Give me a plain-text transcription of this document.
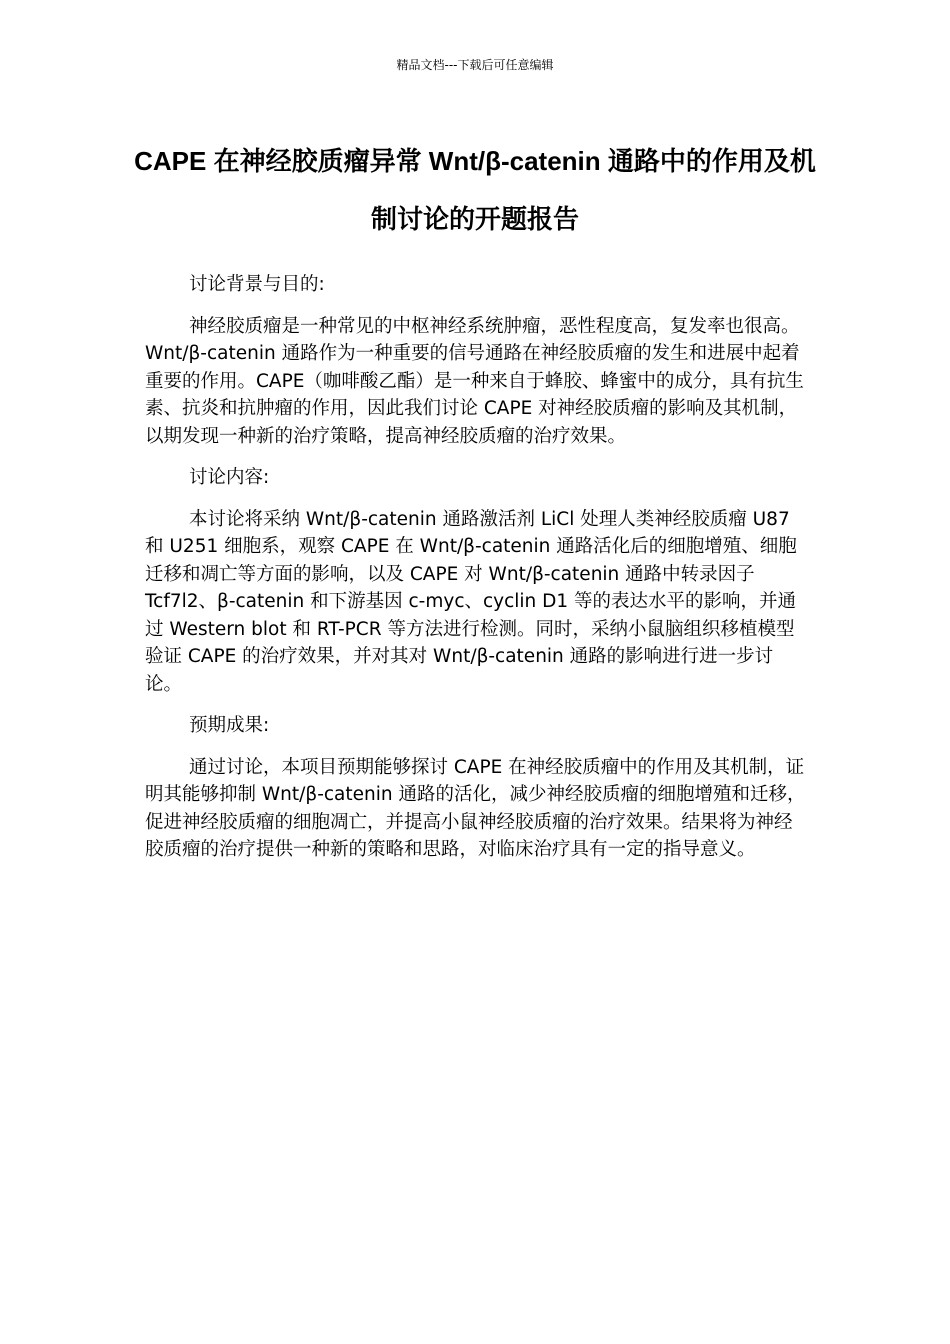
精品文档---下载后可任意编辑
CAPE 在神经胶质瘤异常 Wnt/β-catenin 通路中的作用及机制讨论的开题报告

讨论背景与目的:

神经胶质瘤是一种常见的中枢神经系统肿瘤，恶性程度高，复发率也很高。Wnt/β-catenin 通路作为一种重要的信号通路在神经胶质瘤的发生和进展中起着重要的作用。CAPE（咖啡酸乙酯）是一种来自于蜂胶、蜂蜜中的成分，具有抗生素、抗炎和抗肿瘤的作用，因此我们讨论 CAPE 对神经胶质瘤的影响及其机制，以期发现一种新的治疗策略，提高神经胶质瘤的治疗效果。

讨论内容:

本讨论将采纳 Wnt/β-catenin 通路激活剂 LiCl 处理人类神经胶质瘤 U87 和 U251 细胞系，观察 CAPE 在 Wnt/β-catenin 通路活化后的细胞增殖、细胞迁移和凋亡等方面的影响，以及 CAPE 对 Wnt/β-catenin 通路中转录因子 Tcf7l2、β-catenin 和下游基因 c-myc、cyclin D1 等的表达水平的影响，并通过 Western blot 和 RT-PCR 等方法进行检测。同时，采纳小鼠脑组织移植模型验证 CAPE 的治疗效果，并对其对 Wnt/β-catenin 通路的影响进行进一步讨论。

预期成果:

通过讨论，本项目预期能够探讨 CAPE 在神经胶质瘤中的作用及其机制，证明其能够抑制 Wnt/β-catenin 通路的活化，减少神经胶质瘤的细胞增殖和迁移，促进神经胶质瘤的细胞凋亡，并提高小鼠神经胶质瘤的治疗效果。结果将为神经胶质瘤的治疗提供一种新的策略和思路，对临床治疗具有一定的指导意义。
